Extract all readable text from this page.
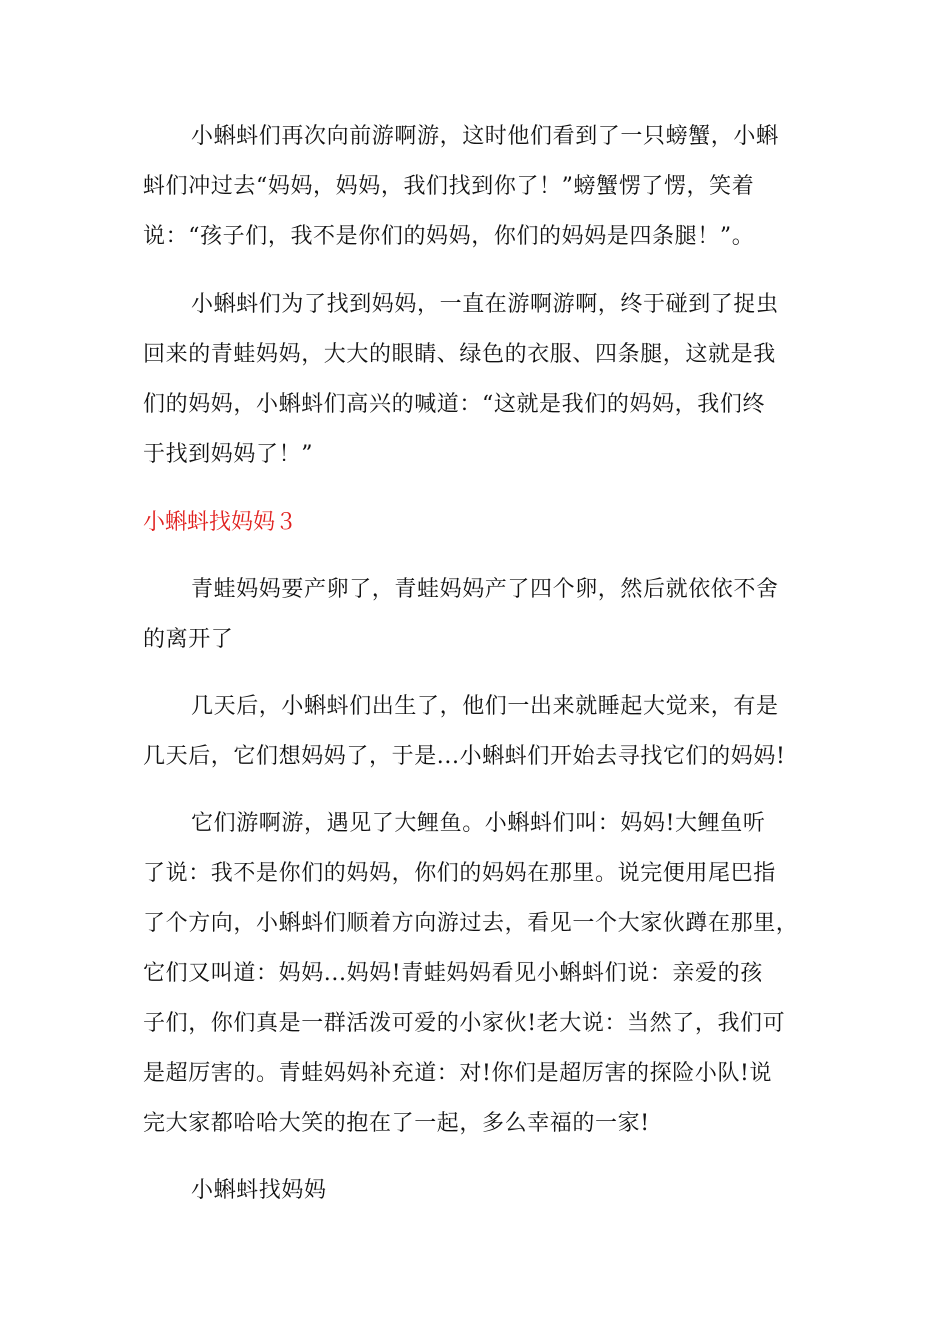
小蝌蚪们再次向前游啊游，这时他们看到了一只螃蟹，小蝌
蚪们冲过去“妈妈，妈妈，我们找到你了！”螃蟹愣了愣，笑着
说：“孩子们，我不是你们的妈妈，你们的妈妈是四条腿！”。
小蝌蚪们为了找到妈妈，一直在游啊游啊，终于碰到了捉虫
回来的青蛙妈妈，大大的眼睛、绿色的衣服、四条腿，这就是我
们的妈妈，小蝌蚪们高兴的喊道：“这就是我们的妈妈，我们终
于找到妈妈了！”
小蝌蚪找妈妈３
青蛙妈妈要产卵了，青蛙妈妈产了四个卵，然后就依依不舍
的离开了
几天后，小蝌蚪们出生了，他们一出来就睡起大觉来，有是
几天后，它们想妈妈了，于是...小蝌蚪们开始去寻找它们的妈妈!
它们游啊游，遇见了大鲤鱼。小蝌蚪们叫：妈妈!大鲤鱼听
了说：我不是你们的妈妈，你们的妈妈在那里。说完便用尾巴指
了个方向，小蝌蚪们顺着方向游过去，看见一个大家伙蹲在那里，
它们又叫道：妈妈...妈妈!青蛙妈妈看见小蝌蚪们说：亲爱的孩
子们，你们真是一群活泼可爱的小家伙!老大说：当然了，我们可
是超厉害的。青蛙妈妈补充道：对!你们是超厉害的探险小队!说
完大家都哈哈大笑的抱在了一起，多么幸福的一家!
小蝌蚪找妈妈
